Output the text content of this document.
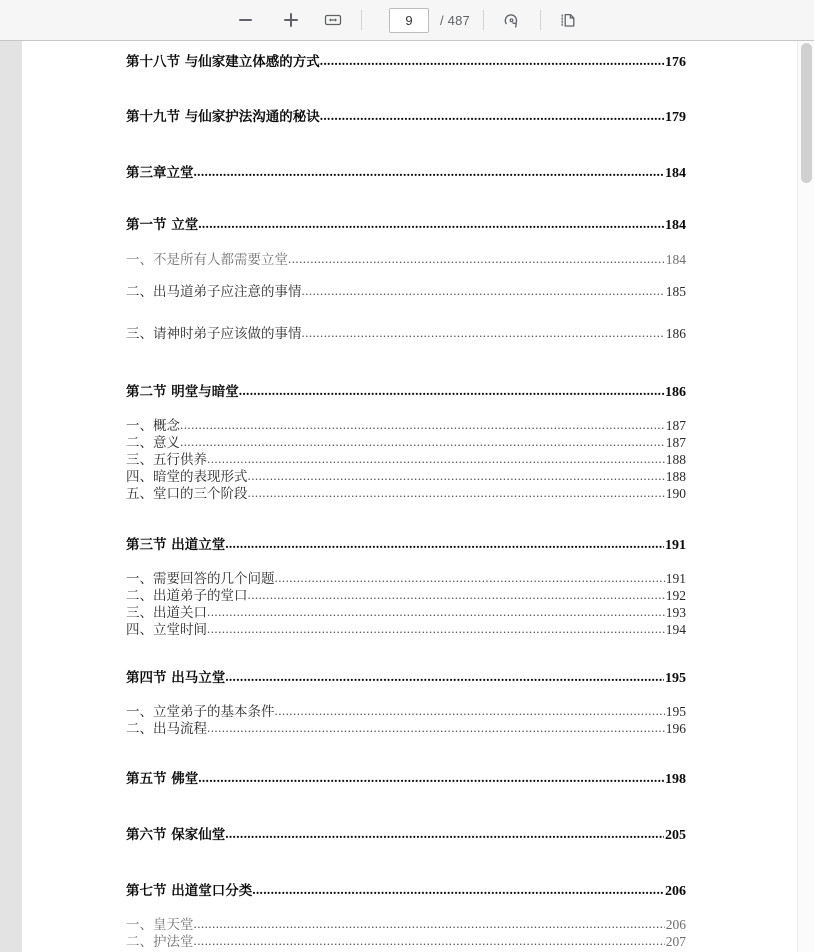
9
/ 487
第十八节 与仙家建立体感的方式 .....	176
第十九节 与仙家护法沟通的秘诀 .....	179
第三章立堂 .....	184
第一节 立堂 .....	184
一、不是所有人都需要立堂 .....	184
二、出马道弟子应注意的事情 .....	185
三、请神时弟子应该做的事情 .....	186
第二节 明堂与暗堂 .....	186
一、概念 .....	187
二、意义 .....	187
三、五行供养 .....	188
四、暗堂的表现形式 .....	188
五、堂口的三个阶段 .....	190
第三节 出道立堂 .....	191
一、需要回答的几个问题 .....	191
二、出道弟子的堂口 .....	192
三、出道关口 .....	193
四、立堂时间 .....	194
第四节 出马立堂 .....	195
一、立堂弟子的基本条件 .....	195
二、出马流程 .....	196
第五节 佛堂 .....	198
第六节 保家仙堂 .....	205
第七节 出道堂口分类 .....	206
一、皇天堂 .....	206
二、护法堂 .....	207
